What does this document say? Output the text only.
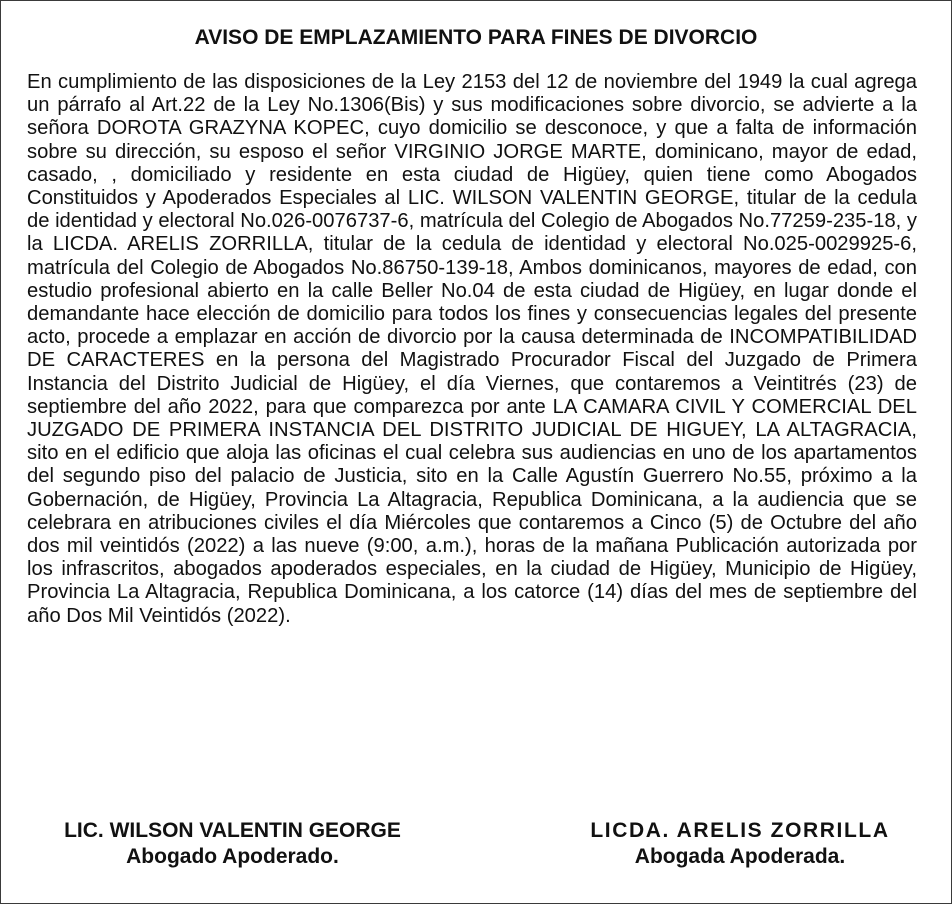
AVISO DE EMPLAZAMIENTO PARA FINES DE DIVORCIO
En cumplimiento de las disposiciones de la Ley 2153 del 12 de noviembre del 1949 la cual agrega un párrafo al Art.22 de la Ley No.1306(Bis) y sus modificaciones sobre divorcio, se advierte a la señora DOROTA GRAZYNA KOPEC, cuyo domicilio se desconoce, y que a falta de información sobre su dirección, su esposo el señor VIRGINIO JORGE MARTE, dominicano, mayor de edad, casado, , domiciliado y residente en esta ciudad de Higüey, quien tiene como Abogados Constituidos y Apoderados Especiales al LIC. WILSON VALENTIN GEORGE, titular de la cedula de identidad y electoral No.026-0076737-6, matrícula del Colegio de Abogados No.77259-235-18, y la LICDA. ARELIS ZORRILLA, titular de la cedula de identidad y electoral No.025-0029925-6, matrícula del Colegio de Abogados No.86750-139-18, Ambos dominicanos, mayores de edad, con estudio profesional abierto en la calle Beller No.04 de esta ciudad de Higüey, en lugar donde el demandante hace elección de domicilio para todos los fines y consecuencias legales del presente acto, procede a emplazar en acción de divorcio por la causa determinada de INCOMPATIBILIDAD DE CARACTERES en la persona del Magistrado Procurador Fiscal del Juzgado de Primera Instancia del Distrito Judicial de Higüey, el día Viernes, que contaremos a Veintitrés (23) de septiembre del año 2022, para que comparezca por ante LA CAMARA CIVIL Y COMERCIAL DEL JUZGADO DE PRIMERA INSTANCIA DEL DISTRITO JUDICIAL DE HIGUEY, LA ALTAGRACIA, sito en el edificio que aloja las oficinas el cual celebra sus audiencias en uno de los apartamentos del segundo piso del palacio de Justicia, sito en la Calle Agustín Guerrero No.55, próximo a la Gobernación, de Higüey, Provincia La Altagracia, Republica Dominicana, a la audiencia que se celebrara en atribuciones civiles el día Miércoles que contaremos a Cinco (5) de Octubre del año dos mil veintidós (2022) a las nueve (9:00, a.m.), horas de la mañana Publicación autorizada por los infrascritos, abogados apoderados especiales, en la ciudad de Higüey, Municipio de Higüey, Provincia La Altagracia, Republica Dominicana, a los catorce (14) días del mes de septiembre del año Dos Mil Veintidós (2022).
LIC. WILSON VALENTIN GEORGE
Abogado Apoderado.
LICDA. ARELIS ZORRILLA
Abogada Apoderada.
